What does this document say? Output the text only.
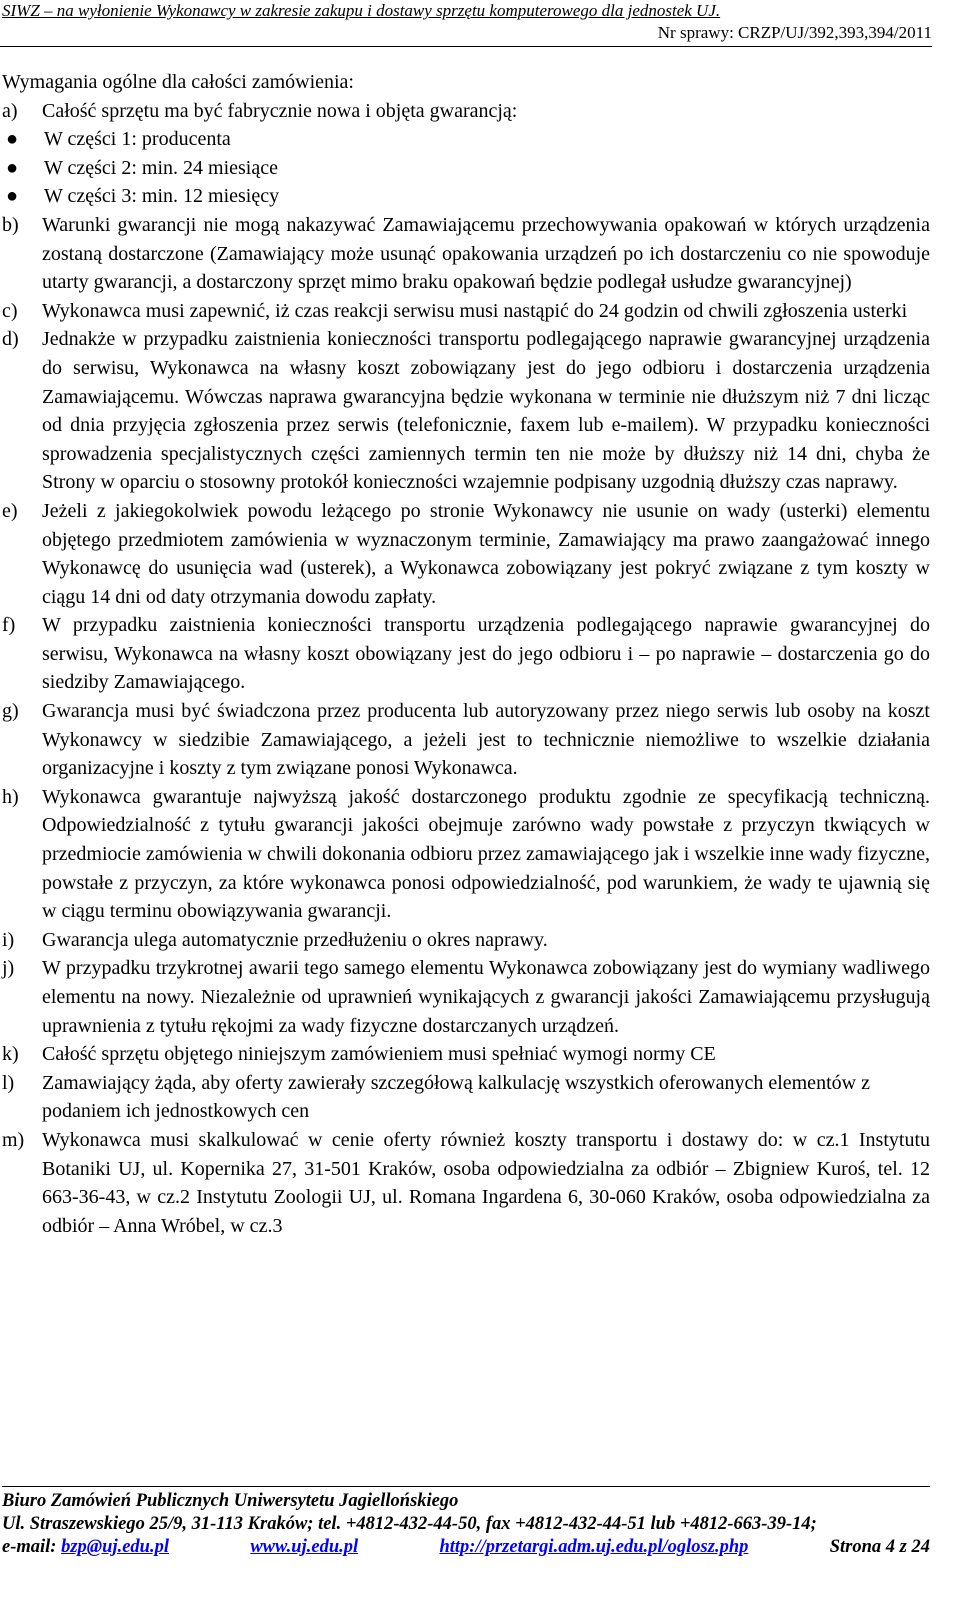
SIWZ – na wyłonienie Wykonawcy w zakresie zakupu i dostawy sprzętu komputerowego dla jednostek UJ.
Nr sprawy: CRZP/UJ/392,393,394/2011

Wymagania ogólne dla całości zamówienia:

a)	Całość sprzętu ma być fabrycznie nowa i objęta gwarancją:
●	W części 1: producenta
●	W części 2: min. 24 miesiące
●	W części 3: min. 12 miesięcy
b)	Warunki gwarancji nie mogą nakazywać Zamawiającemu przechowywania opakowań w których urządzenia zostaną dostarczone (Zamawiający może usunąć opakowania urządzeń po ich dostarczeniu co nie spowoduje utarty gwarancji, a dostarczony sprzęt mimo braku opakowań będzie podlegał usłudze gwarancyjnej)
c)	Wykonawca musi zapewnić, iż czas reakcji serwisu musi nastąpić do 24 godzin od chwili zgłoszenia usterki
d)	Jednakże w przypadku zaistnienia konieczności transportu podlegającego naprawie gwarancyjnej urządzenia do serwisu, Wykonawca na własny koszt zobowiązany jest do jego odbioru i dostarczenia urządzenia Zamawiającemu. Wówczas naprawa gwarancyjna będzie wykonana w terminie nie dłuższym niż 7 dni licząc od dnia przyjęcia zgłoszenia przez serwis (telefonicznie, faxem lub e-mailem). W przypadku konieczności sprowadzenia specjalistycznych części zamiennych termin ten nie może by dłuższy niż 14 dni, chyba że Strony w oparciu o stosowny protokół konieczności wzajemnie podpisany uzgodnią dłuższy czas naprawy.
e)	Jeżeli z jakiegokolwiek powodu leżącego po stronie Wykonawcy nie usunie on wady (usterki) elementu objętego przedmiotem zamówienia w wyznaczonym terminie, Zamawiający ma prawo zaangażować innego Wykonawcę do usunięcia wad (usterek), a Wykonawca zobowiązany jest pokryć związane z tym koszty w ciągu 14 dni od daty otrzymania dowodu zapłaty.
f)	W przypadku zaistnienia konieczności transportu urządzenia podlegającego naprawie gwarancyjnej do serwisu, Wykonawca na własny koszt obowiązany jest do jego odbioru i – po naprawie – dostarczenia go do siedziby Zamawiającego.
g)	Gwarancja musi być świadczona przez producenta lub autoryzowany przez niego serwis lub osoby na koszt Wykonawcy w siedzibie Zamawiającego, a jeżeli jest to technicznie niemożliwe to wszelkie działania organizacyjne i koszty z tym związane ponosi Wykonawca.
h)	Wykonawca gwarantuje najwyższą jakość dostarczonego produktu zgodnie ze specyfikacją techniczną. Odpowiedzialność z tytułu gwarancji jakości obejmuje zarówno wady powstałe z przyczyn tkwiących w przedmiocie zamówienia w chwili dokonania odbioru przez zamawiającego jak i wszelkie inne wady fizyczne, powstałe z przyczyn, za które wykonawca ponosi odpowiedzialność, pod warunkiem, że wady te ujawnią się w ciągu terminu obowiązywania gwarancji.
i)	Gwarancja ulega automatycznie przedłużeniu o okres naprawy.
j)	W przypadku trzykrotnej awarii tego samego elementu Wykonawca zobowiązany jest do wymiany wadliwego elementu na nowy. Niezależnie od uprawnień wynikających z gwarancji jakości Zamawiającemu przysługują uprawnienia z tytułu rękojmi za wady fizyczne dostarczanych urządzeń.
k)	Całość sprzętu objętego niniejszym zamówieniem musi spełniać wymogi normy CE
l)	Zamawiający żąda, aby oferty zawierały szczegółową kalkulację wszystkich oferowanych elementów z podaniem ich jednostkowych cen
m) Wykonawca musi skalkulować w cenie oferty również koszty transportu i dostawy do: w cz.1 Instytutu Botaniki UJ, ul. Kopernika 27, 31-501 Kraków, osoba odpowiedzialna za odbiór – Zbigniew Kuroś, tel. 12 663-36-43, w cz.2 Instytutu Zoologii UJ, ul. Romana Ingardena 6, 30-060 Kraków, osoba odpowiedzialna za odbiór – Anna Wróbel, w cz.3
Biuro Zamówień Publicznych Uniwersytetu Jagiellońskiego
Ul. Straszewskiego 25/9, 31-113 Kraków; tel. +4812-432-44-50, fax +4812-432-44-51 lub +4812-663-39-14;
e-mail: bzp@uj.edu.pl	www.uj.edu.pl	http://przetargi.adm.uj.edu.pl/oglosz.php	Strona 4 z 24
